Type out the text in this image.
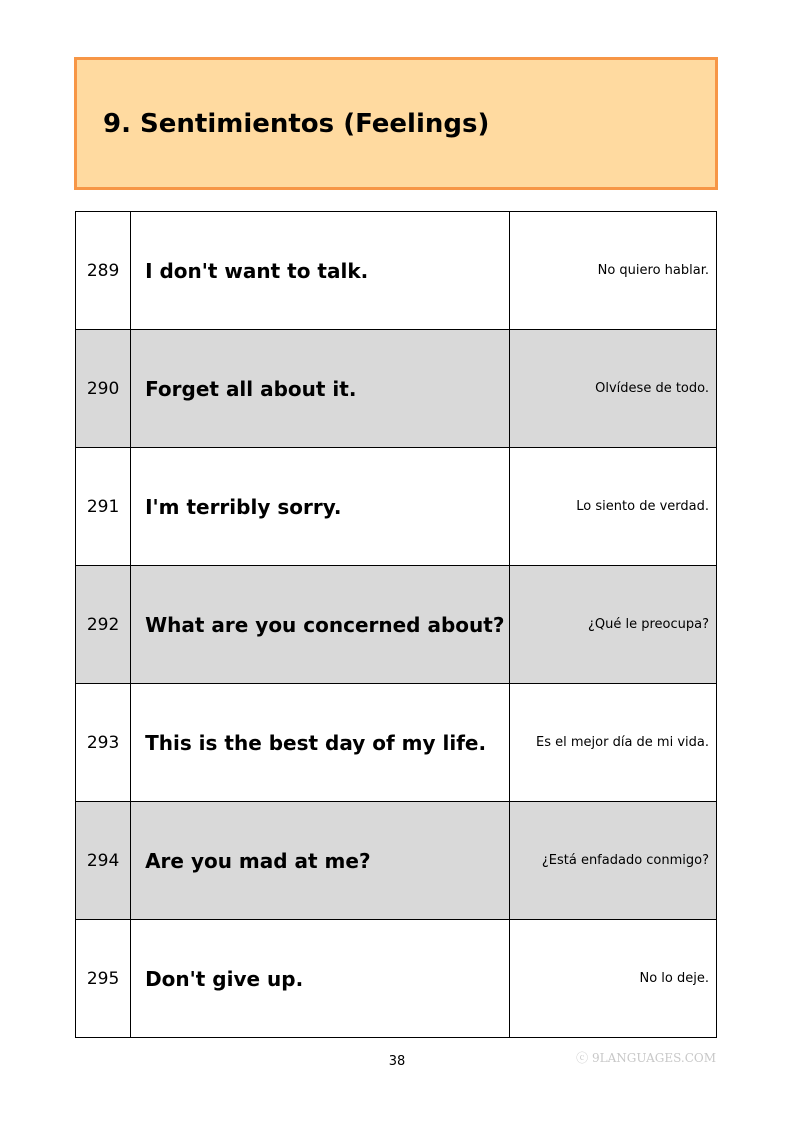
9. Sentimientos (Feelings)
289	I don't want to talk.	No quiero hablar.
290	Forget all about it.	Olvídese de todo.
291	I'm terribly sorry.	Lo siento de verdad.
292	What are you concerned about?	¿Qué le preocupa?
293	This is the best day of my life.	Es el mejor día de mi vida.
294	Are you mad at me?	¿Está enfadado conmigo?
295	Don't give up.	No lo deje.
38	ⓒ 9LANGUAGES.COM
